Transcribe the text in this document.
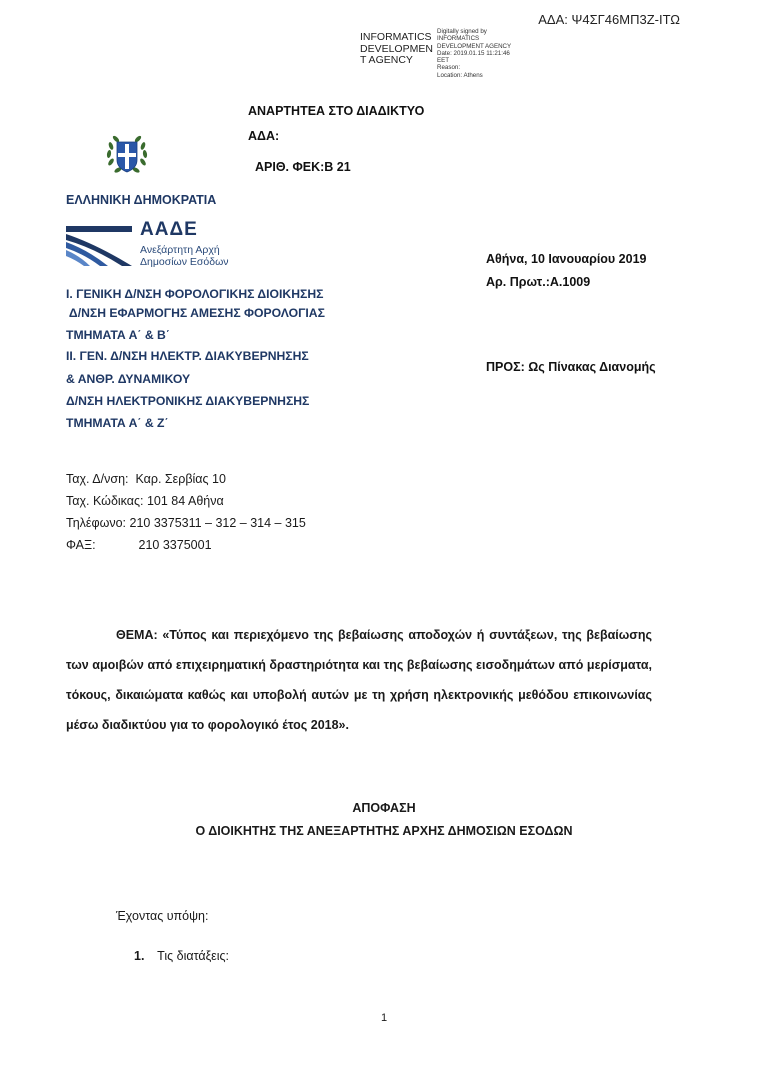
ΑΔΑ: Ψ4ΣΓ46ΜΠ3Ζ-ΙΤΩ
INFORMATICS
DEVELOPMEN
T AGENCY
Digitally signed by
INFORMATICS
DEVELOPMENT AGENCY
Date: 2019.01.15 11:21:46
EET
Reason:
Location: Athens
ΑΝΑΡΤΗΤΕΑ ΣΤΟ ΔΙΑΔΙΚΤΥΟ
ΑΔΑ:
ΑΡΙΘ. ΦΕΚ:Β 21
ΕΛΛΗΝΙΚΗ ΔΗΜΟΚΡΑΤΙΑ
ΑΑΔΕ
Ανεξάρτητη Αρχή
Δημοσίων Εσόδων	Αθήνα, 10 Ιανουαρίου 2019
Αρ. Πρωτ.:Α.1009
ΠΡΟΣ: Ως Πίνακας Διανομής
Ι. ΓΕΝΙΚΗ Δ/ΝΣΗ ΦΟΡΟΛΟΓΙΚΗΣ ΔΙΟΙΚΗΣΗΣ
Δ/ΝΣΗ ΕΦΑΡΜΟΓΗΣ ΑΜΕΣΗΣ ΦΟΡΟΛΟΓΙΑΣ
ΤΜΗΜΑΤΑ Α΄ & Β΄
ΙΙ. ΓΕΝ. Δ/ΝΣΗ ΗΛΕΚΤΡ. ΔΙΑΚΥΒΕΡΝΗΣΗΣ
& ΑΝΘΡ. ΔΥΝΑΜΙΚΟΥ
Δ/ΝΣΗ ΗΛΕΚΤΡΟΝΙΚΗΣ ΔΙΑΚΥΒΕΡΝΗΣΗΣ
ΤΜΗΜΑΤΑ Α΄ & Ζ΄
Ταχ. Δ/νση:  Καρ. Σερβίας 10
Ταχ. Κώδικας: 101 84 Αθήνα
Τηλέφωνο: 210 3375311 – 312 – 314 – 315
ΦΑΞ:	210 3375001
ΘΕΜΑ: «Τύπος και περιεχόμενο της βεβαίωσης αποδοχών ή συντάξεων, της βεβαίωσης των αμοιβών από επιχειρηματική δραστηριότητα και της βεβαίωσης εισοδημάτων από μερίσματα, τόκους, δικαιώματα καθώς και υποβολή αυτών με τη χρήση ηλεκτρονικής μεθόδου επικοινωνίας μέσω διαδικτύου για το φορολογικό έτος 2018».
ΑΠΟΦΑΣΗ
Ο ΔΙΟΙΚΗΤΗΣ ΤΗΣ ΑΝΕΞΑΡΤΗΤΗΣ ΑΡΧΗΣ ΔΗΜΟΣΙΩΝ ΕΣΟΔΩΝ
Έχοντας υπόψη:
1. Τις διατάξεις:
1
